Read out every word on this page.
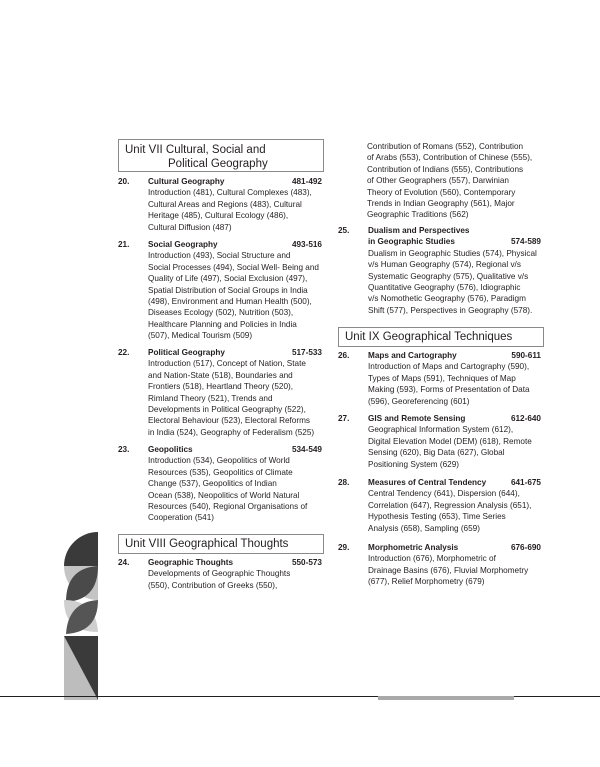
Unit VII Cultural, Social and
Political Geography
20.	Cultural Geography	481-492
Introduction (481), Cultural Complexes (483),
Cultural Areas and Regions (483), Cultural
Heritage (485), Cultural Ecology (486),
Cultural Diffusion (487)
21.	Social Geography	493-516
Introduction (493), Social Structure and
Social Processes (494), Social Well- Being and
Quality of Life (497), Social Exclusion (497),
Spatial Distribution of Social Groups in India
(498), Environment and Human Health (500),
Diseases Ecology (502), Nutrition (503),
Healthcare Planning and Policies in India
(507), Medical Tourism (509)
22.	Political Geography	517-533
Introduction (517), Concept of Nation, State
and Nation-State (518), Boundaries and
Frontiers (518), Heartland Theory (520),
Rimland Theory (521), Trends and
Developments in Political Geography (522),
Electoral Behaviour (523), Electoral Reforms
in India (524), Geography of Federalism (525)
23.	Geopolitics	534-549
Introduction (534), Geopolitics of World
Resources (535), Geopolitics of Climate
Change (537), Geopolitics of Indian
Ocean (538), Neopolitics of World Natural
Resources (540), Regional Organisations of
Cooperation (541)
Unit VIII Geographical Thoughts
24.	Geographic Thoughts	550-573
Developments of Geographic Thoughts
(550), Contribution of Greeks (550),
Contribution of Romans (552), Contribution
of Arabs (553), Contribution of Chinese (555),
Contribution of Indians (555), Contributions
of Other Geographers (557), Darwinian
Theory of Evolution (560), Contemporary
Trends in Indian Geography (561), Major
Geographic Traditions (562)
25.	Dualism and Perspectives
in Geographic Studies	574-589
Dualism in Geographic Studies (574), Physical
v/s Human Geography (574), Regional v/s
Systematic Geography (575), Qualitative v/s
Quantitative Geography (576), Idiographic
v/s Nomothetic Geography (576), Paradigm
Shift (577), Perspectives in Geography (578).
Unit IX Geographical Techniques
26.	Maps and Cartography	590-611
Introduction of Maps and Cartography (590),
Types of Maps (591), Techniques of Map
Making (593), Forms of Presentation of Data
(596), Georeferencing (601)
27.	GIS and Remote Sensing	612-640
Geographical Information System (612),
Digital Elevation Model (DEM) (618), Remote
Sensing (620), Big Data (627), Global
Positioning System (629)
28.	Measures of Central Tendency	641-675
Central Tendency (641), Dispersion (644),
Correlation (647), Regression Analysis (651),
Hypothesis Testing (653), Time Series
Analysis (658), Sampling (659)
29.	Morphometric Analysis	676-690
Introduction (676), Morphometric of
Drainage Basins (676), Fluvial Morphometry
(677), Relief Morphometry (679)
